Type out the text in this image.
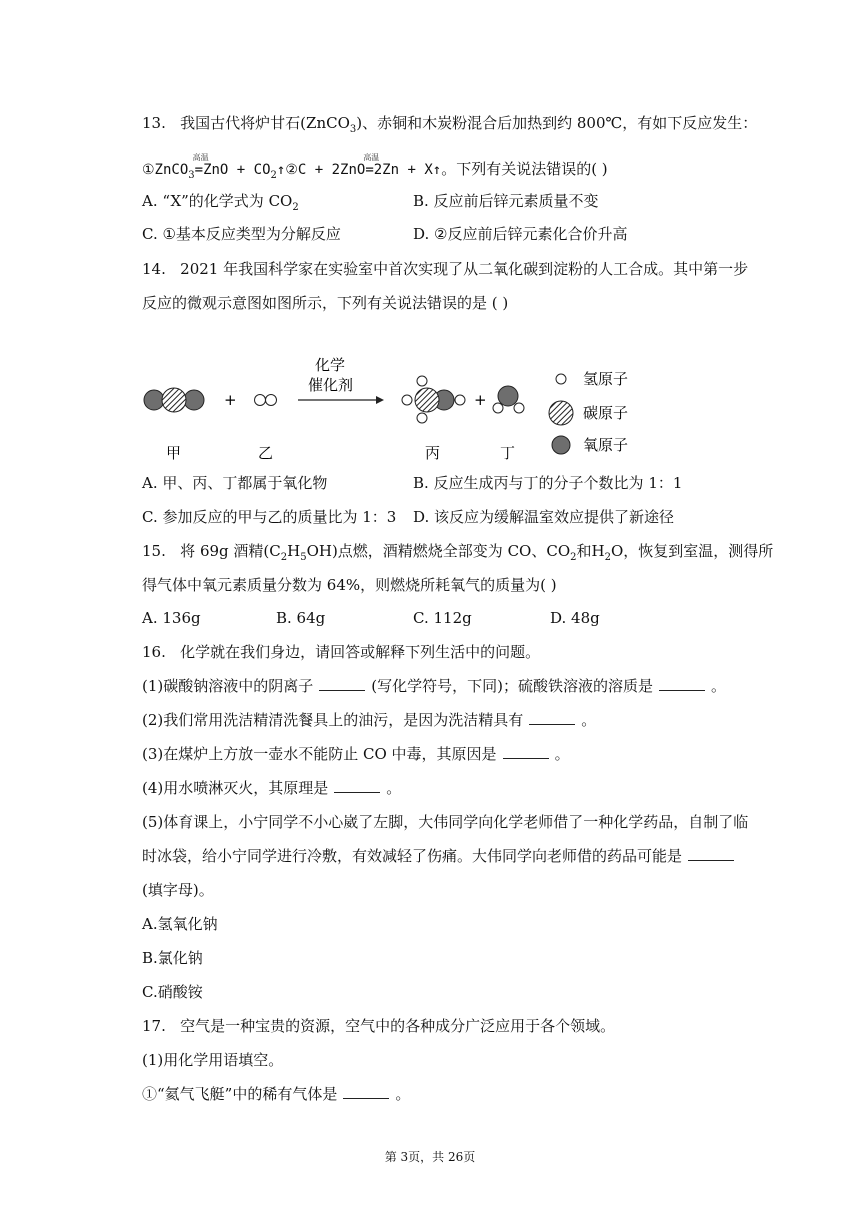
13. 我国古代将炉甘石(ZnCO$_3$)、赤铜和木炭粉混合后加热到约 800℃，有如下反应发生：
①ZnCO$_3$
高温
$=ZnO + CO_2↑②C + 2ZnO$
高温
=2Zn + X↑。下列有关说法错误的( )
A. “X”的化学式为 $CO_2$	B. 反应前后锌元素质量不变
C. ①基本反应类型为分解反应	D. ②反应前后锌元素化合价升高
14. 2021 年我国科学家在实验室中首次实现了从二氧化碳到淀粉的人工合成。其中第一步
反应的微观示意图如图所示，下列有关说法错误的是 ( )
+
化学
催化剂
+
甲	乙	丙	丁
氢原子
碳原子
氧原子
A. 甲、丙、丁都属于氧化物	B. 反应生成丙与丁的分子个数比为 1：1
C. 参加反应的甲与乙的质量比为 1：3 D. 该反应为缓解温室效应提供了新途径
15. 将 69g 酒精$(C_2H_5OH)$点燃，酒精燃烧全部变为 CO、$CO_2$和$H_2O$，恢复到室温，测得所
得气体中氧元素质量分数为 64%，则燃烧所耗氧气的质量为( )
A. 136g	B. 64g	C. 112g	D. 48g
16. 化学就在我们身边，请回答或解释下列生活中的问题。
(1)碳酸钠溶液中的阴离子	(写化学符号，下同)；硫酸铁溶液的溶质是	。
(2)我们常用洗洁精清洗餐具上的油污，是因为洗洁精具有	。
(3)在煤炉上方放一壶水不能防止 CO 中毒，其原因是	。
(4)用水喷淋灭火，其原理是	。
(5)体育课上，小宁同学不小心崴了左脚，大伟同学向化学老师借了一种化学药品，自制了临
时冰袋，给小宁同学进行冷敷，有效减轻了伤痛。大伟同学向老师借的药品可能是
(填字母)。
A.氢氧化钠
B.氯化钠
C.硝酸铵
17. 空气是一种宝贵的资源，空气中的各种成分广泛应用于各个领域。
(1)用化学用语填空。
①“氦气飞艇”中的稀有气体是	。
第 3页，共 26页
